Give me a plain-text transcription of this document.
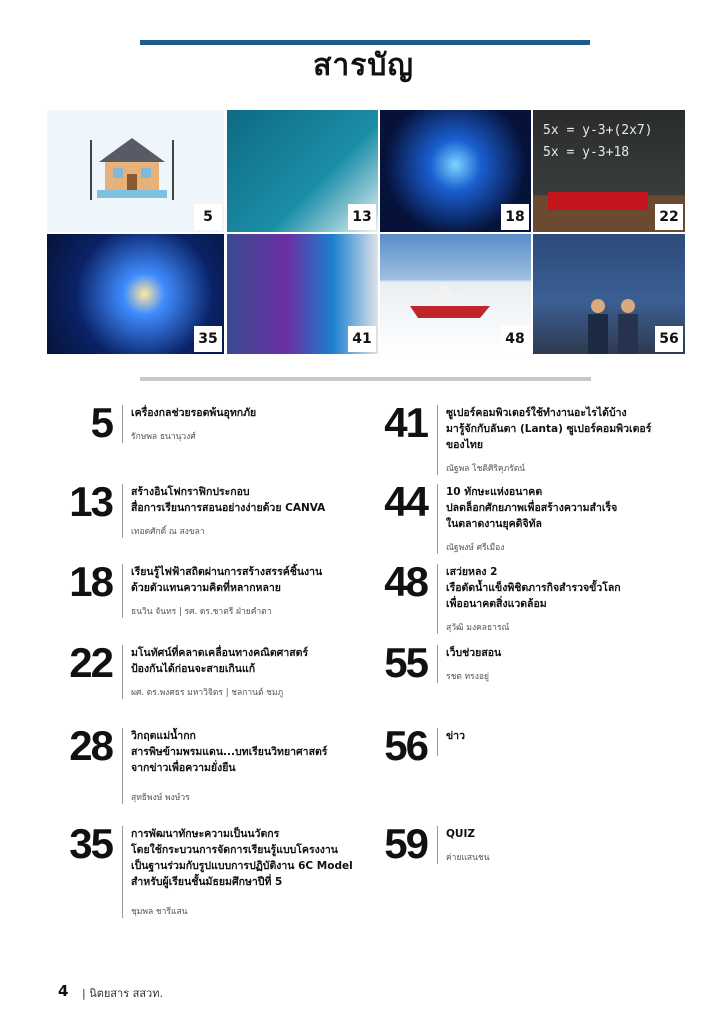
สารบัญ
5	13	18
5x = y-3+(2x7)
5x = y-3+18
22
35	41	48	56
5 เครื่องกลช่วยรอดพ้นอุทกภัย
รักษพล ธนานุวงศ์
13 สร้างอินโฟกราฟิกประกอบ
สื่อการเรียนการสอนอย่างง่ายด้วย CANVA
เทอดศักดิ์ ณ สงขลา
18 เรียนรู้ไฟฟ้าสถิตผ่านการสร้างสรรค์ชิ้นงาน
ด้วยตัวแทนความคิดที่หลากหลาย
ธนวิน จันทร | รศ. ดร.ชาตรี ฝ่ายคำตา
22 มโนทัศน์ที่คลาดเคลื่อนทางคณิตศาสตร์
ป้องกันได้ก่อนจะสายเกินแก้
ผศ. ดร.พงศธร มหาวิจิตร | ชลกานต์ ชมภู
28 วิกฤตแม่น้ำกก
สารพิษข้ามพรมแดน...บทเรียนวิทยาศาสตร์
จากข่าวเพื่อความยั่งยืน
สุทธิพงษ์ พงษ์วร
35 การพัฒนาทักษะความเป็นนวัตกร
โดยใช้กระบวนการจัดการเรียนรู้แบบโครงงาน
เป็นฐานร่วมกับรูปแบบการปฏิบัติงาน 6C Model
สำหรับผู้เรียนชั้นมัธยมศึกษาปีที่ 5
ชุมพล ชารีแสน
41 ซูเปอร์คอมพิวเตอร์ใช้ทำงานอะไรได้บ้าง
มารู้จักกับลันตา (Lanta) ซูเปอร์คอมพิวเตอร์
ของไทย
ณัฐพล โชติศิริคุภรัตน์
44 10 ทักษะแห่งอนาคต
ปลดล็อกศักยภาพเพื่อสร้างความสำเร็จ
ในตลาดงานยุคดิจิทัล
ณัฐพงษ์ ศรีเมือง
48 เสว่ยหลง 2
เรือตัดน้ำแข็งพิชิตภารกิจสำรวจขั้วโลก
เพื่ออนาคตสิ่งแวดล้อม
สุวัฒิ มงคลธารณ์
55 เว็บช่วยสอน
รชต ทรงอยู่
56 ข่าว
59 QUIZ
ค่ายแสนชน
4 | นิตยสาร สสวท.
